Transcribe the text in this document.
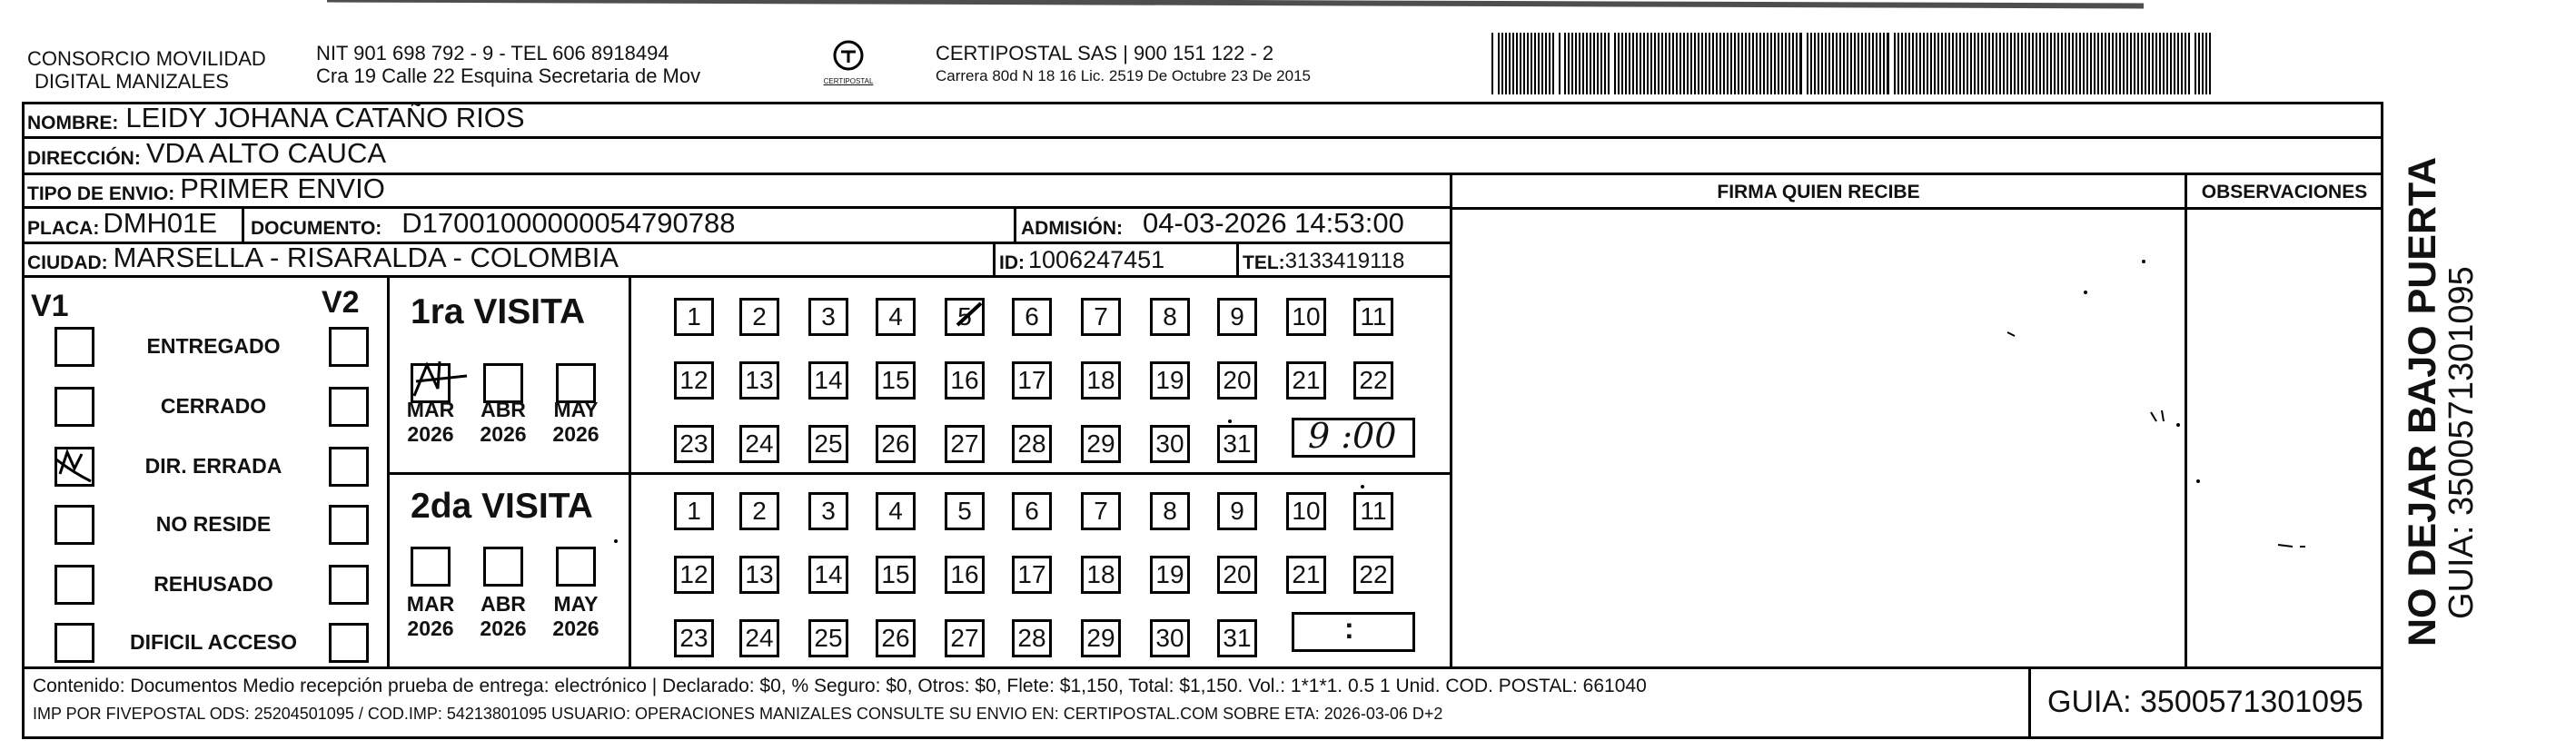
CONSORCIO MOVILIDAD
DIGITAL MANIZALES
NIT 901 698 792 - 9 - TEL 606 8918494
Cra 19 Calle 22 Esquina Secretaria de Mov	CERTIPOSTAL
CERTIPOSTAL SAS | 900 151 122 - 2
Carrera 80d N 18 16 Lic. 2519 De Octubre 23 De 2015
FIRMA QUIEN RECIBE	OBSERVACIONES
NOMBRE: LEIDY JOHANA CATAÑO RIOS
DIRECCIÓN: VDA ALTO CAUCA
TIPO DE ENVIO: PRIMER ENVIO
PLACA: DMH01E DOCUMENTO: D17001000000054790788	ADMISIÓN: 04-03-2026 14:53:00
CIUDAD: MARSELLA - RISARALDA - COLOMBIA	ID: 1006247451	TEL: 3133419118
V1	V2
ENTREGADO
CERRADO
DIR. ERRADA
NO RESIDE
REHUSADO
DIFICIL ACCESO
1ra VISITA
2da VISITA
MAR
2026
ABR
2026
MAY
2026
MAR
2026
ABR
2026
MAY
2026
1	2	3	4	5	6	7	8	9	10 11
12 13 14 15 16 17 18 19 20 21 22
23 24 25 26 27 28 29 30 31
1	2	3	4	5	6	7	8	9	10 11
12 13 14 15 16 17 18 19 20 21 22
23 24 25 26 27 28 29 30 31
9 :00
:
Contenido: Documentos Medio recepción prueba de entrega: electrónico | Declarado: $0, % Seguro: $0, Otros: $0, Flete: $1,150, Total: $1,150. Vol.: 1*1*1. 0.5 1 Unid. COD. POSTAL: 661040
IMP POR FIVEPOSTAL ODS: 25204501095 / COD.IMP: 54213801095 USUARIO: OPERACIONES MANIZALES CONSULTE SU ENVIO EN: CERTIPOSTAL.COM SOBRE ETA: 2026-03-06 D+2	GUIA: 3500571301095
NO DEJAR BAJO PUERTA
GUIA: 3500571301095
